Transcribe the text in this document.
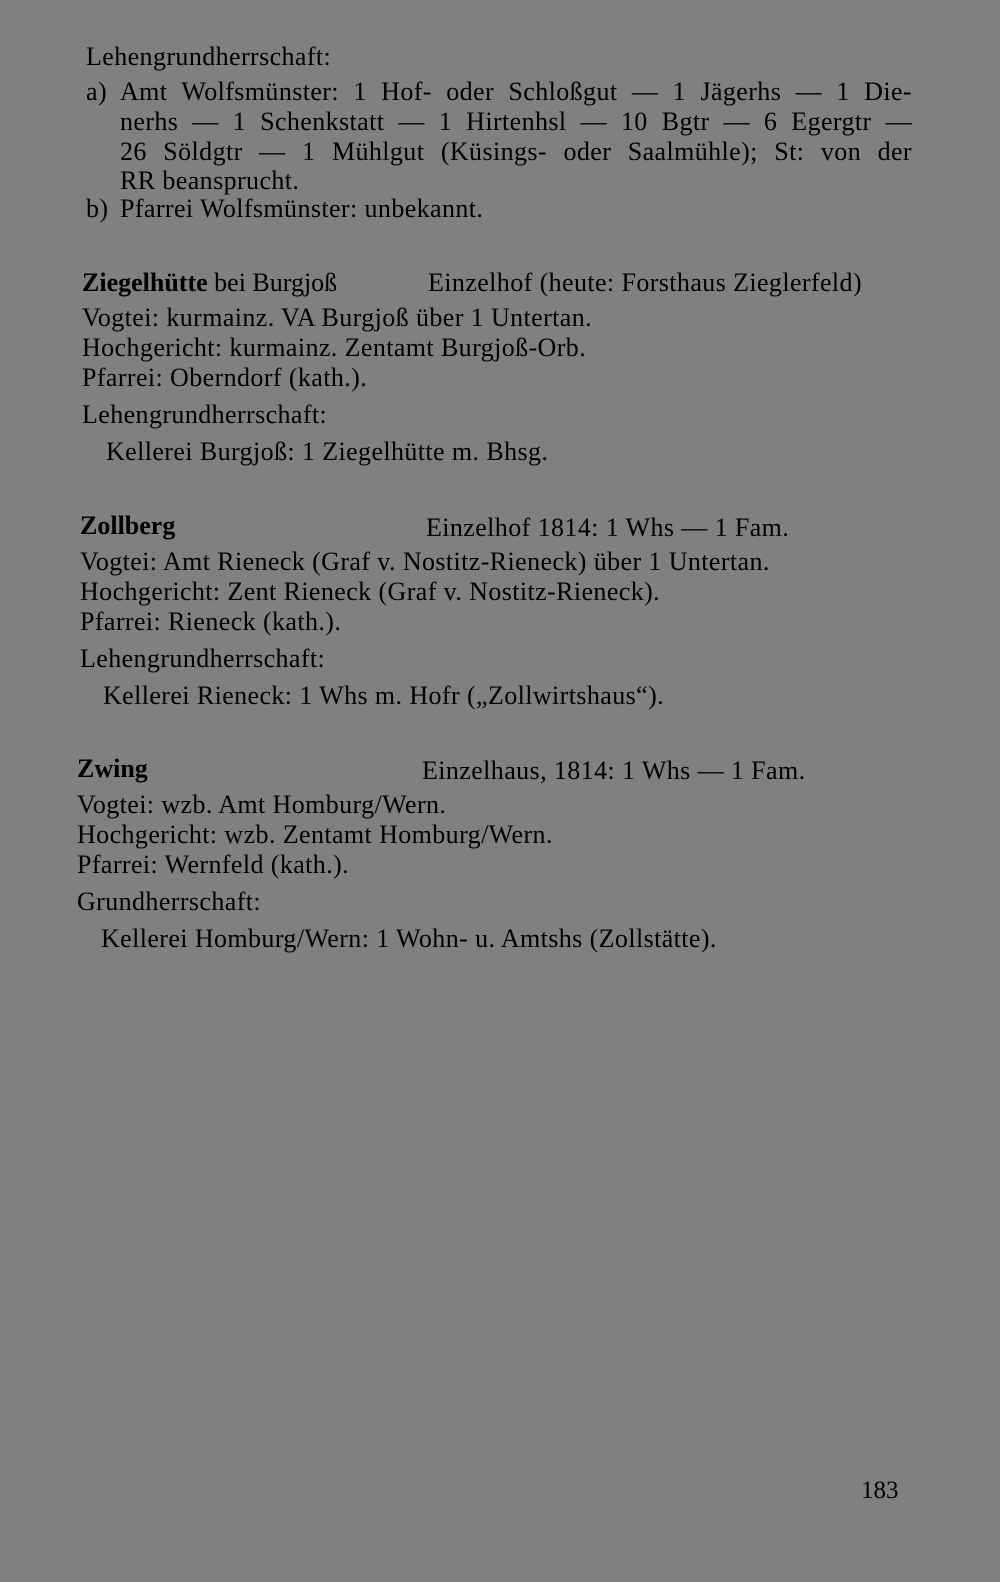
Lehengrundherrschaft:
a) Amt Wolfsmünster: 1 Hof- oder Schloßgut — 1 Jägerhs — 1 Die-
nerhs — 1 Schenkstatt — 1 Hirtenhsl — 10 Bgtr — 6 Egergtr —
26 Söldgtr — 1 Mühlgut (Küsings- oder Saalmühle); St: von der
RR beansprucht.
b) Pfarrei Wolfsmünster: unbekannt.
Ziegelhütte bei Burgjoß	Einzelhof (heute: Forsthaus Zieglerfeld)
Vogtei: kurmainz. VA Burgjoß über 1 Untertan.
Hochgericht: kurmainz. Zentamt Burgjoß-Orb.
Pfarrei: Oberndorf (kath.).
Lehengrundherrschaft:
Kellerei Burgjoß: 1 Ziegelhütte m. Bhsg.
Zollberg	Einzelhof 1814: 1 Whs — 1 Fam.
Vogtei: Amt Rieneck (Graf v. Nostitz-Rieneck) über 1 Untertan.
Hochgericht: Zent Rieneck (Graf v. Nostitz-Rieneck).
Pfarrei: Rieneck (kath.).
Lehengrundherrschaft:
Kellerei Rieneck: 1 Whs m. Hofr („Zollwirtshaus“).
Zwing	Einzelhaus, 1814: 1 Whs — 1 Fam.
Vogtei: wzb. Amt Homburg/Wern.
Hochgericht: wzb. Zentamt Homburg/Wern.
Pfarrei: Wernfeld (kath.).
Grundherrschaft:
Kellerei Homburg/Wern: 1 Wohn- u. Amtshs (Zollstätte).
183
